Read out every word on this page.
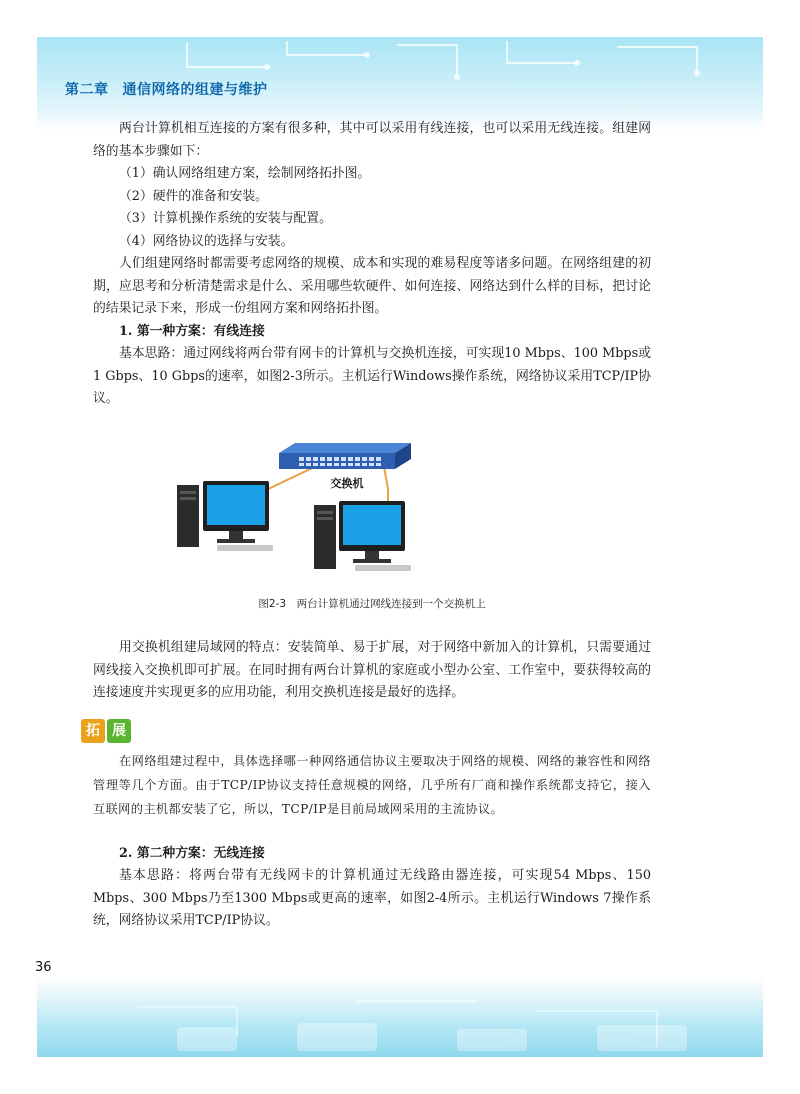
第二章 通信网络的组建与维护
36

两台计算机相互连接的方案有很多种，其中可以采用有线连接，也可以采用无线连接。组建网络的基本步骤如下：

（1）确认网络组建方案，绘制网络拓扑图。

（2）硬件的准备和安装。

（3）计算机操作系统的安装与配置。

（4）网络协议的选择与安装。

人们组建网络时都需要考虑网络的规模、成本和实现的难易程度等诸多问题。在网络组建的初期，应思考和分析清楚需求是什么、采用哪些软硬件、如何连接、网络达到什么样的目标，把讨论的结果记录下来，形成一份组网方案和网络拓扑图。

1. 第一种方案：有线连接

基本思路：通过网线将两台带有网卡的计算机与交换机连接，可实现10 Mbps、100 Mbps或1 Gbps、10 Gbps的速率，如图2-3所示。主机运行Windows操作系统，网络协议采用TCP/IP协议。

交换机
图2-3　两台计算机通过网线连接到一个交换机上

用交换机组建局域网的特点：安装简单、易于扩展，对于网络中新加入的计算机，只需要通过网线接入交换机即可扩展。在同时拥有两台计算机的家庭或小型办公室、工作室中，要获得较高的连接速度并实现更多的应用功能，利用交换机连接是最好的选择。

拓 展

在网络组建过程中，具体选择哪一种网络通信协议主要取决于网络的规模、网络的兼容性和网络管理等几个方面。由于TCP/IP协议支持任意规模的网络，几乎所有厂商和操作系统都支持它，接入互联网的主机都安装了它，所以，TCP/IP是目前局域网采用的主流协议。

2. 第二种方案：无线连接

基本思路：将两台带有无线网卡的计算机通过无线路由器连接，可实现54 Mbps、150 Mbps、300 Mbps乃至1300 Mbps或更高的速率，如图2-4所示。主机运行Windows 7操作系统，网络协议采用TCP/IP协议。
